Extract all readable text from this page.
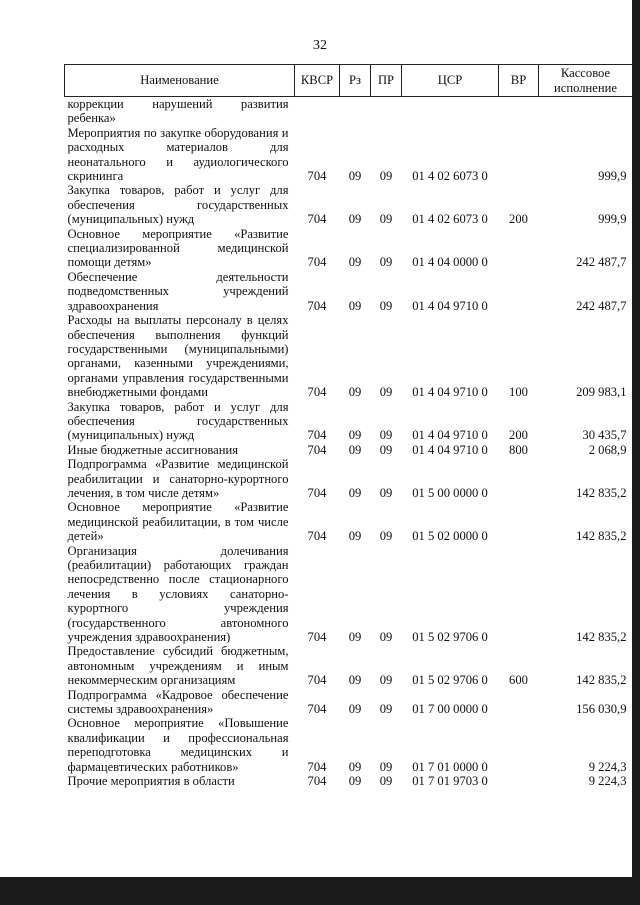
32
Наименование	КВСР	Рз	ПР	ЦСР	ВР	Кассовое исполнение
коррекции нарушений развития ребенка»						
Мероприятия по закупке оборудования и расходных материалов для неонатального и аудиологического скрининга	704	09	09	01 4 02 6073 0		999,9
Закупка товаров, работ и услуг для обеспечения государственных (муниципальных) нужд	704	09	09	01 4 02 6073 0	200	999,9
Основное мероприятие «Развитие специализированной медицинской помощи детям»	704	09	09	01 4 04 0000 0		242 487,7
Обеспечение деятельности подведомственных учреждений здравоохранения	704	09	09	01 4 04 9710 0		242 487,7
Расходы на выплаты персоналу в целях обеспечения выполнения функций государственными (муниципальными) органами, казенными учреждениями, органами управления государственными внебюджетными фондами	704	09	09	01 4 04 9710 0	100	209 983,1
Закупка товаров, работ и услуг для обеспечения государственных (муниципальных) нужд	704	09	09	01 4 04 9710 0	200	30 435,7
Иные бюджетные ассигнования	704	09	09	01 4 04 9710 0	800	2 068,9
Подпрограмма «Развитие медицинской реабилитации и санаторно-курортного лечения, в том числе детям»	704	09	09	01 5 00 0000 0		142 835,2
Основное мероприятие «Развитие медицинской реабилитации, в том числе детей»	704	09	09	01 5 02 0000 0		142 835,2
Организация долечивания (реабилитации) работающих граждан непосредственно после стационарного лечения в условиях санаторно-курортного учреждения (государственного автономного учреждения здравоохранения)	704	09	09	01 5 02 9706 0		142 835,2
Предоставление субсидий бюджетным, автономным учреждениям и иным некоммерческим организациям	704	09	09	01 5 02 9706 0	600	142 835,2
Подпрограмма «Кадровое обеспечение системы здравоохранения»	704	09	09	01 7 00 0000 0		156 030,9
Основное мероприятие «Повышение квалификации и профессиональная переподготовка медицинских и фармацевтических работников»	704	09	09	01 7 01 0000 0		9 224,3
Прочие мероприятия в области	704	09	09	01 7 01 9703 0		9 224,3
